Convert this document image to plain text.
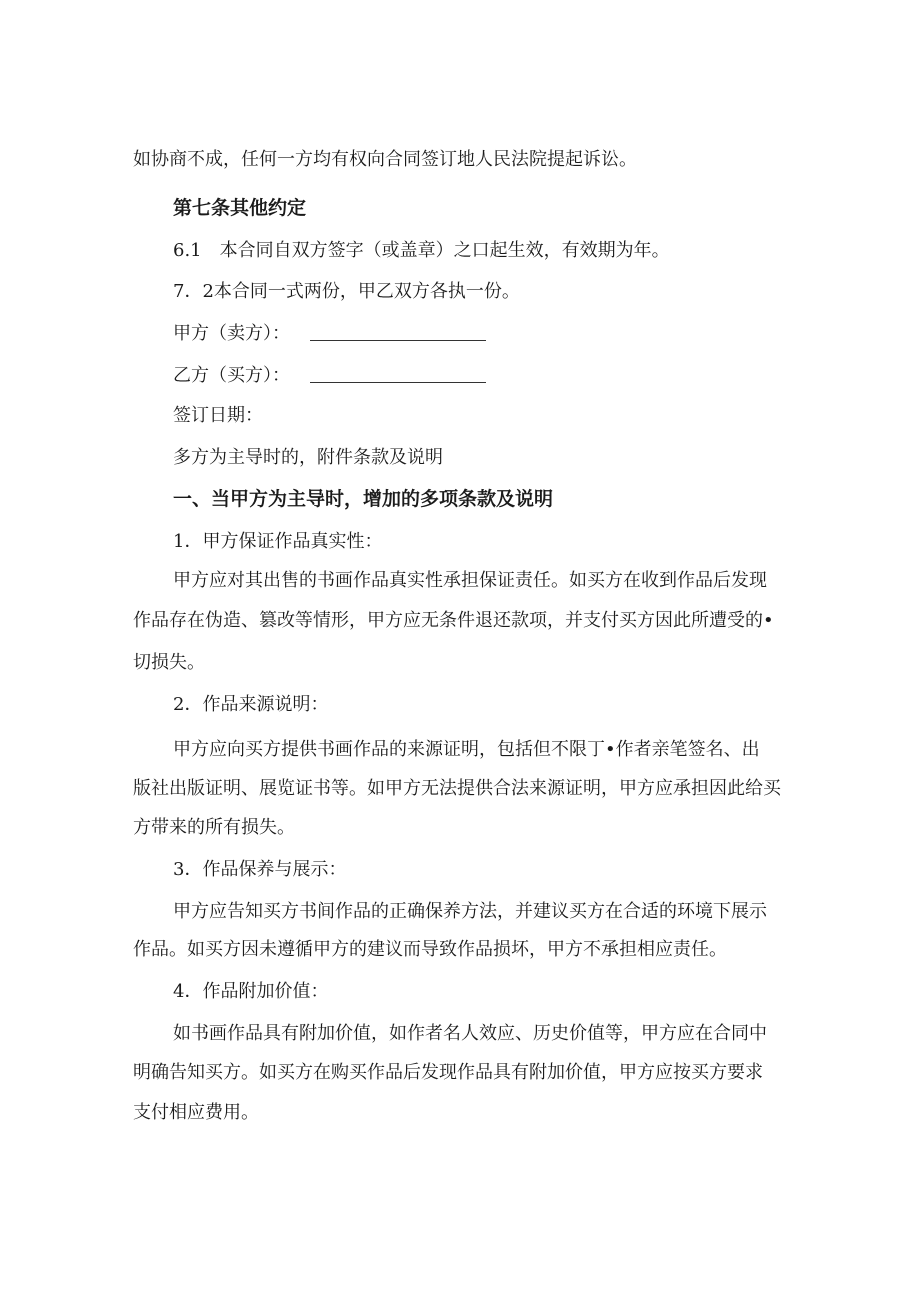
如协商不成，任何一方均有权向合同签订地人民法院提起诉讼。
第七条其他约定
6.1　本合同自双方签字（或盖章）之口起生效，有效期为年。
7．2本合同一式两份，甲乙双方各执一份。
甲方（卖方）：
乙方（买方）：
签订日期：
多方为主导时的，附件条款及说明
一、当甲方为主导时，增加的多项条款及说明
1．甲方保证作品真实性：
甲方应对其出售的书画作品真实性承担保证责任。如买方在收到作品后发现
作品存在伪造、篡改等情形，甲方应无条件退还款项，并支付买方因此所遭受的•
切损失。
2．作品来源说明：
甲方应向买方提供书画作品的来源证明，包括但不限丁•作者亲笔签名、出
版社出版证明、展览证书等。如甲方无法提供合法来源证明，甲方应承担因此给买
方带来的所有损失。
3．作品保养与展示：
甲方应告知买方书间作品的正确保养方法，并建议买方在合适的环境下展示
作品。如买方因未遵循甲方的建议而导致作品损坏，甲方不承担相应责任。
4．作品附加价值：
如书画作品具有附加价值，如作者名人效应、历史价值等，甲方应在合同中
明确告知买方。如买方在购买作品后发现作品具有附加价值，甲方应按买方要求
支付相应费用。
